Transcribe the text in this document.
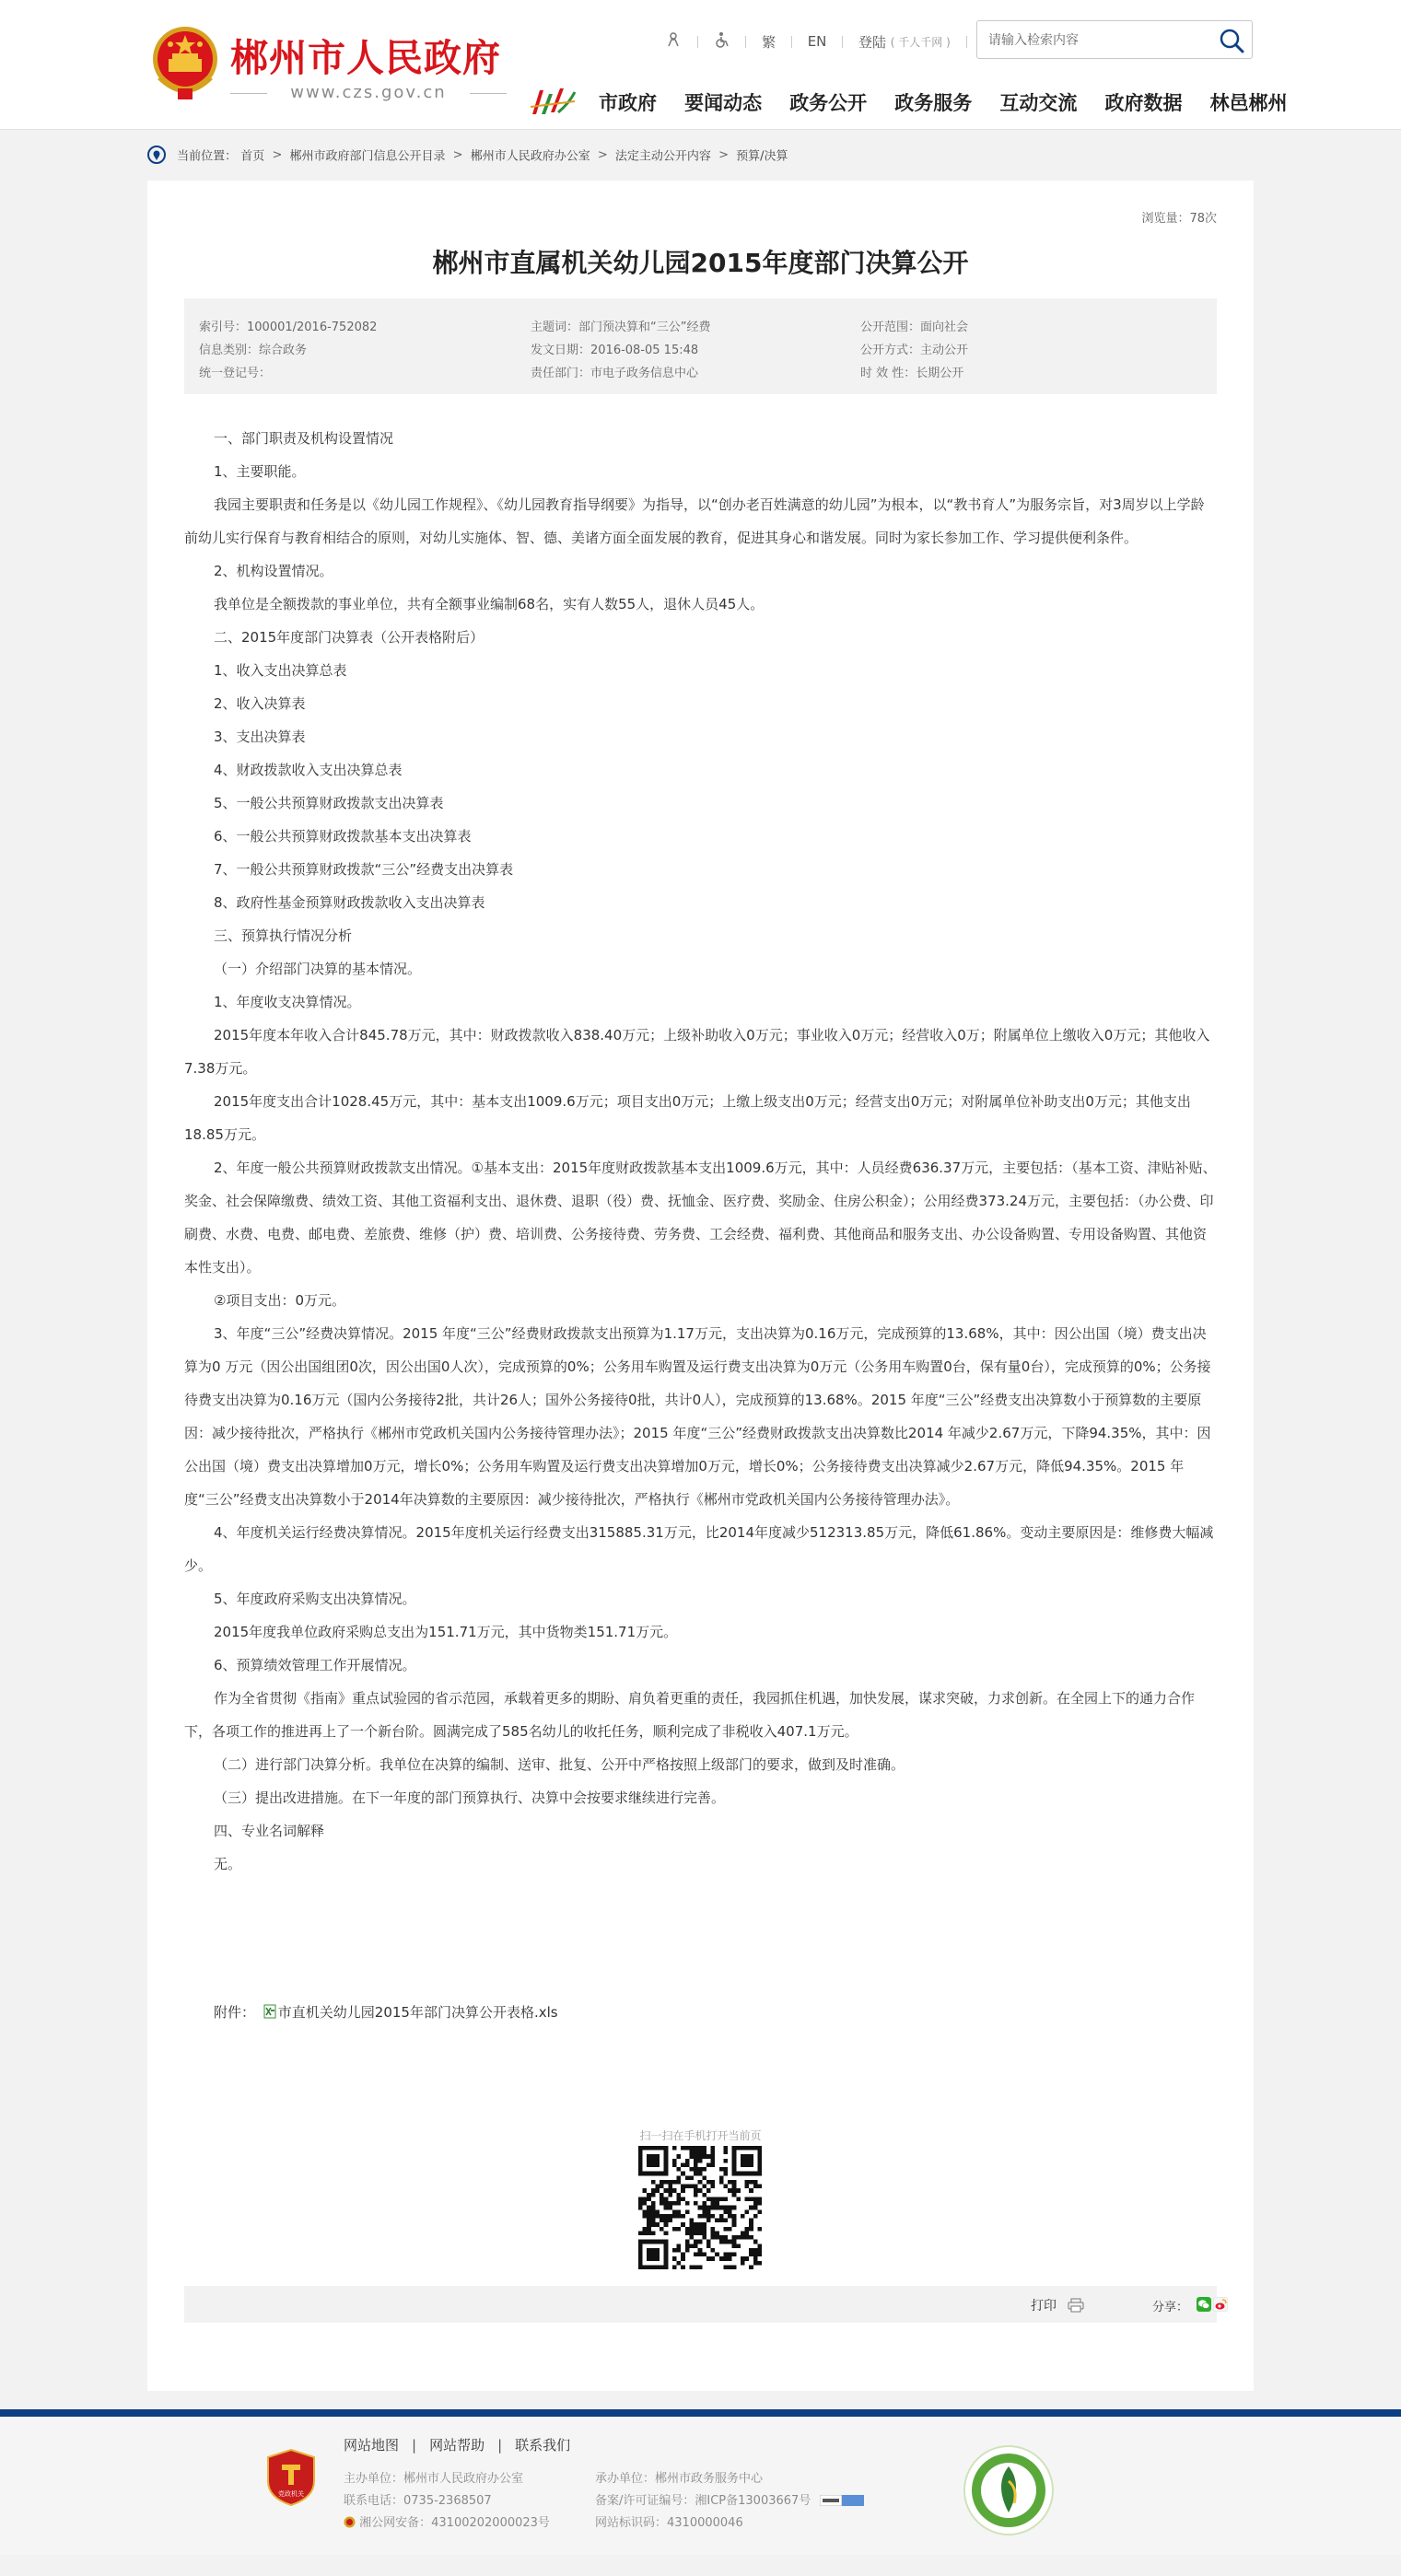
郴州市人民政府
www.czs.gov.cn
繁 EN 登陆 ( 千人千网 )
请输入检索内容
市政府 要闻动态 政务公开 政务服务 互动交流 政府数据 林邑郴州
当前位置： 首页 > 郴州市政府部门信息公开目录 > 郴州市人民政府办公室 > 法定主动公开内容 > 预算/决算
浏览量：78次
郴州市直属机关幼儿园2015年度部门决算公开
索引号：100001/2016-752082
信息类别：综合政务
统一登记号：
主题词：部门预决算和“三公”经费
发文日期：2016-08-05 15:48
责任部门：市电子政务信息中心
公开范围：面向社会
公开方式：主动公开
时 效 性：长期公开

一、部门职责及机构设置情况

1、主要职能。

我园主要职责和任务是以《幼儿园工作规程》、《幼儿园教育指导纲要》为指导，以“创办老百姓满意的幼儿园”为根本，以“教书育人”为服务宗旨，对3周岁以上学龄前幼儿实行保育与教育相结合的原则，对幼儿实施体、智、德、美诸方面全面发展的教育，促进其身心和谐发展。同时为家长参加工作、学习提供便利条件。

2、机构设置情况。

我单位是全额拨款的事业单位，共有全额事业编制68名，实有人数55人，退休人员45人。

二、2015年度部门决算表（公开表格附后）

1、收入支出决算总表

2、收入决算表

3、支出决算表

4、财政拨款收入支出决算总表

5、一般公共预算财政拨款支出决算表

6、一般公共预算财政拨款基本支出决算表

7、一般公共预算财政拨款“三公”经费支出决算表

8、政府性基金预算财政拨款收入支出决算表

三、预算执行情况分析

（一）介绍部门决算的基本情况。

1、年度收支决算情况。

2015年度本年收入合计845.78万元，其中：财政拨款收入838.40万元；上级补助收入0万元；事业收入0万元；经营收入0万；附属单位上缴收入0万元；其他收入7.38万元。

2015年度支出合计1028.45万元，其中：基本支出1009.6万元；项目支出0万元；上缴上级支出0万元；经营支出0万元；对附属单位补助支出0万元；其他支出18.85万元。

2、年度一般公共预算财政拨款支出情况。①基本支出：2015年度财政拨款基本支出1009.6万元，其中：人员经费636.37万元，主要包括：（基本工资、津贴补贴、奖金、社会保障缴费、绩效工资、其他工资福利支出、退休费、退职（役）费、抚恤金、医疗费、奖励金、住房公积金）；公用经费373.24万元，主要包括：（办公费、印刷费、水费、电费、邮电费、差旅费、维修（护）费、培训费、公务接待费、劳务费、工会经费、福利费、其他商品和服务支出、办公设备购置、专用设备购置、其他资本性支出）。

②项目支出：0万元。

3、年度“三公”经费决算情况。2015 年度“三公”经费财政拨款支出预算为1.17万元，支出决算为0.16万元，完成预算的13.68%，其中：因公出国（境）费支出决算为0 万元（因公出国组团0次，因公出国0人次），完成预算的0%；公务用车购置及运行费支出决算为0万元（公务用车购置0台，保有量0台），完成预算的0%；公务接待费支出决算为0.16万元（国内公务接待2批，共计26人；国外公务接待0批，共计0人），完成预算的13.68%。2015 年度“三公”经费支出决算数小于预算数的主要原因：减少接待批次，严格执行《郴州市党政机关国内公务接待管理办法》；2015 年度“三公”经费财政拨款支出决算数比2014 年减少2.67万元，下降94.35%，其中：因公出国（境）费支出决算增加0万元，增长0%；公务用车购置及运行费支出决算增加0万元，增长0%；公务接待费支出决算减少2.67万元，降低94.35%。2015 年度“三公”经费支出决算数小于2014年决算数的主要原因：减少接待批次，严格执行《郴州市党政机关国内公务接待管理办法》。

4、年度机关运行经费决算情况。2015年度机关运行经费支出315885.31万元，比2014年度减少512313.85万元，降低61.86%。变动主要原因是：维修费大幅减少。

5、年度政府采购支出决算情况。

2015年度我单位政府采购总支出为151.71万元，其中货物类151.71万元。

6、预算绩效管理工作开展情况。

作为全省贯彻《指南》重点试验园的省示范园，承载着更多的期盼、肩负着更重的责任，我园抓住机遇，加快发展，谋求突破，力求创新。在全园上下的通力合作下，各项工作的推进再上了一个新台阶。圆满完成了585名幼儿的收托任务，顺利完成了非税收入407.1万元。

（二）进行部门决算分析。我单位在决算的编制、送审、批复、公开中严格按照上级部门的要求，做到及时准确。

（三）提出改进措施。在下一年度的部门预算执行、决算中会按要求继续进行完善。

四、专业名词解释

无。

附件： 市直机关幼儿园2015年部门决算公开表格.xls
扫一扫在手机打开当前页
打印	分享：
党政机关
网站地图 | 网站帮助 | 联系我们
主办单位：郴州市人民政府办公室
联系电话：0735-2368507
湘公网安备：43100202000023号
承办单位：郴州市政务服务中心
备案/许可证编号：湘ICP备13003667号
网站标识码：4310000046
